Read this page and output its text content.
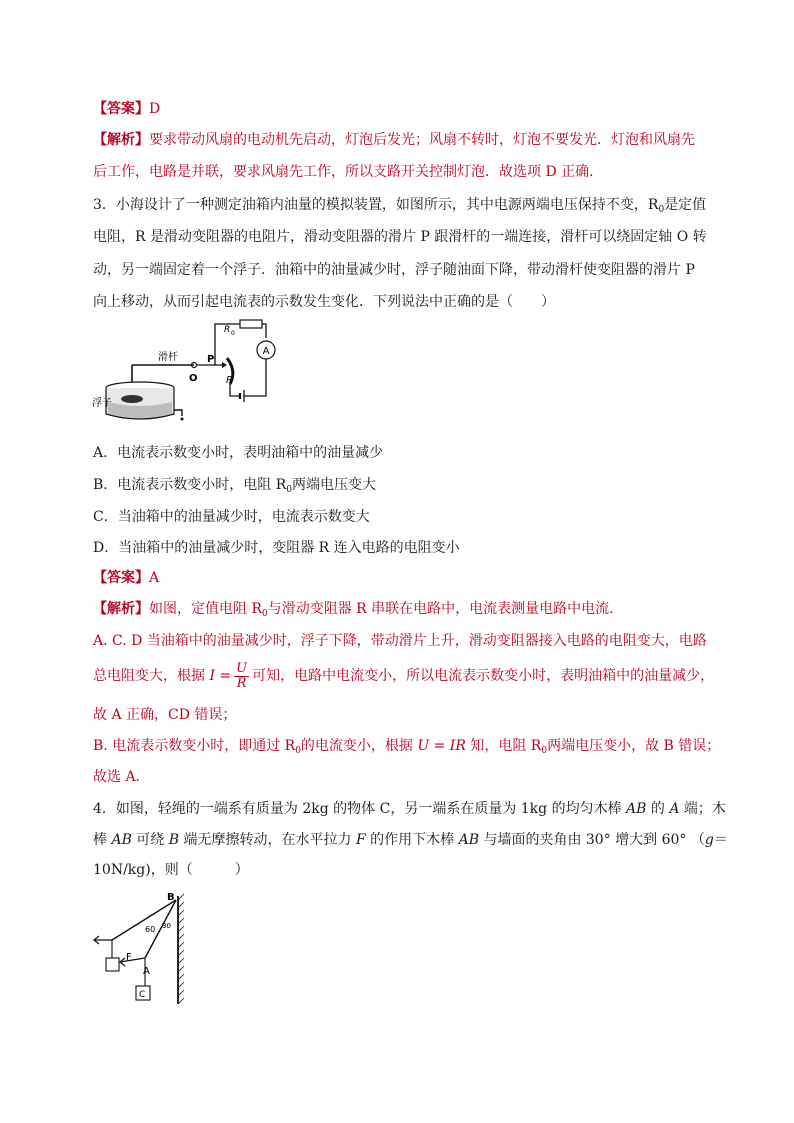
【答案】D
【解析】要求带动风扇的电动机先启动，灯泡后发光；风扇不转时，灯泡不要发光．灯泡和风扇先
后工作，电路是并联，要求风扇先工作，所以支路开关控制灯泡．故选项 D 正确．
3．小海设计了一种测定油箱内油量的模拟装置，如图所示，其中电源两端电压保持不变，$R_0$是定值
电阻，R 是滑动变阻器的电阻片，滑动变阻器的滑片 P 跟滑杆的一端连接，滑杆可以绕固定轴 O 转
动，另一端固定着一个浮子．油箱中的油量减少时，浮子随油面下降，带动滑杆使变阻器的滑片 P
向上移动，从而引起电流表的示数发生变化．下列说法中正确的是（　　）
A
R 0
R
P
O
滑杆
浮子
A．电流表示数变小时，表明油箱中的油量减少
B．电流表示数变小时，电阻 $R_0$两端电压变大
C．当油箱中的油量减少时，电流表示数变大
D．当油箱中的油量减少时，变阻器 R 连入电路的电阻变小
【答案】A
【解析】如图，定值电阻 $R_0$与滑动变阻器 R 串联在电路中，电流表测量电路中电流．
A. C. D 当油箱中的油量减少时，浮子下降，带动滑片上升，滑动变阻器接入电路的电阻变大，电路
总电阻变大，根据 $I = \frac{U}{R}$ 可知，电路中电流变小，所以电流表示数变小时，表明油箱中的油量减少，
故 A 正确，CD 错误；
B. 电流表示数变小时，即通过 $R_0$的电流变小，根据 U = IR 知，电阻 $R_0$两端电压变小，故 B 错误；
故选 A．
4．如图，轻绳的一端系有质量为 2kg 的物体 C，另一端系在质量为 1kg 的均匀木棒 AB 的 A 端；木
棒 AB 可绕 B 端无摩擦转动，在水平拉力 F 的作用下木棒 AB 与墙面的夹角由 30° 增大到 60° （g＝
10N/kg)，则（　　　）
B
60 30
F
A
C
